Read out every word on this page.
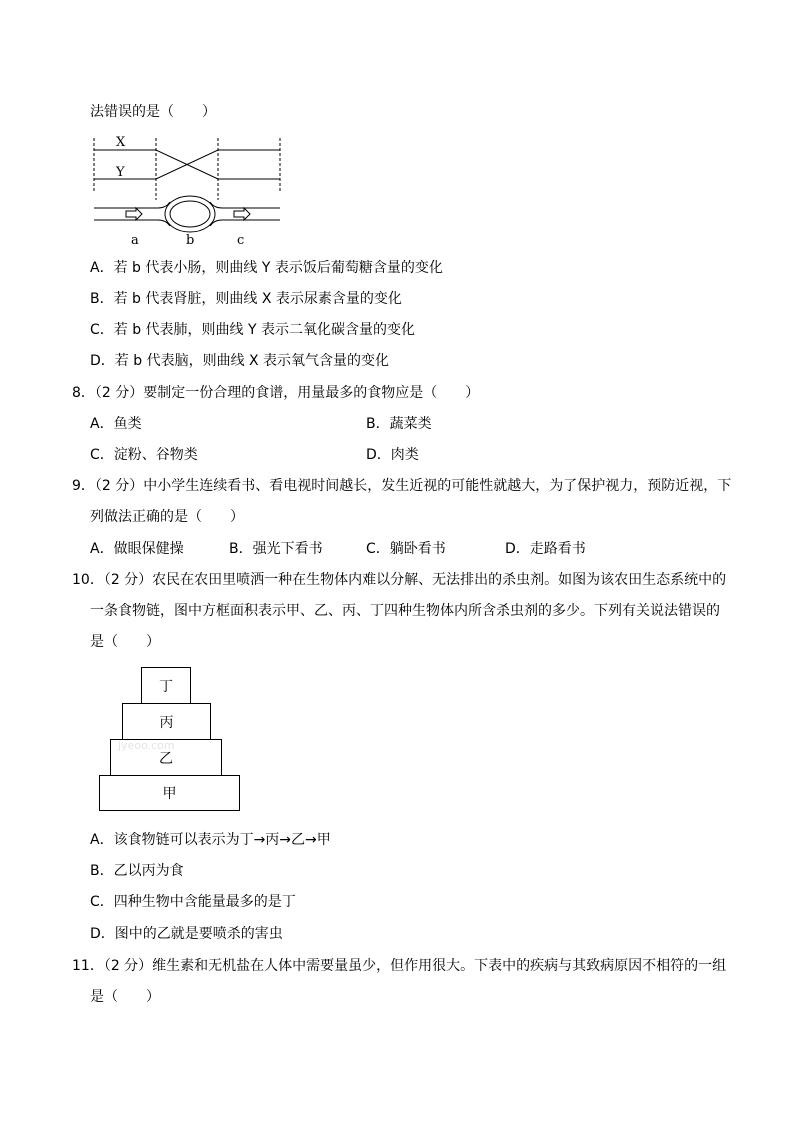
法错误的是（　　）
X
Y
a	b	c
A．若 b 代表小肠，则曲线 Y 表示饭后葡萄糖含量的变化
B．若 b 代表肾脏，则曲线 X 表示尿素含量的变化
C．若 b 代表肺，则曲线 Y 表示二氧化碳含量的变化
D．若 b 代表脑，则曲线 X 表示氧气含量的变化
8．（2 分）要制定一份合理的食谱，用量最多的食物应是（　　）
A．鱼类	B．蔬菜类
C．淀粉、谷物类	D．肉类
9．（2 分）中小学生连续看书、看电视时间越长，发生近视的可能性就越大，为了保护视力，预防近视，下
列做法正确的是（　　）
A．做眼保健操	B．强光下看书	C．躺卧看书	D．走路看书
10．（2 分）农民在农田里喷洒一种在生物体内难以分解、无法排出的杀虫剂。如图为该农田生态系统中的
一条食物链，图中方框面积表示甲、乙、丙、丁四种生物体内所含杀虫剂的多少。下列有关说法错误的
是（　　）
丁
丙
乙
甲
jyeoo.com
A．该食物链可以表示为丁→丙→乙→甲
B．乙以丙为食
C．四种生物中含能量最多的是丁
D．图中的乙就是要喷杀的害虫
11．（2 分）维生素和无机盐在人体中需要量虽少，但作用很大。下表中的疾病与其致病原因不相符的一组
是（　　）
